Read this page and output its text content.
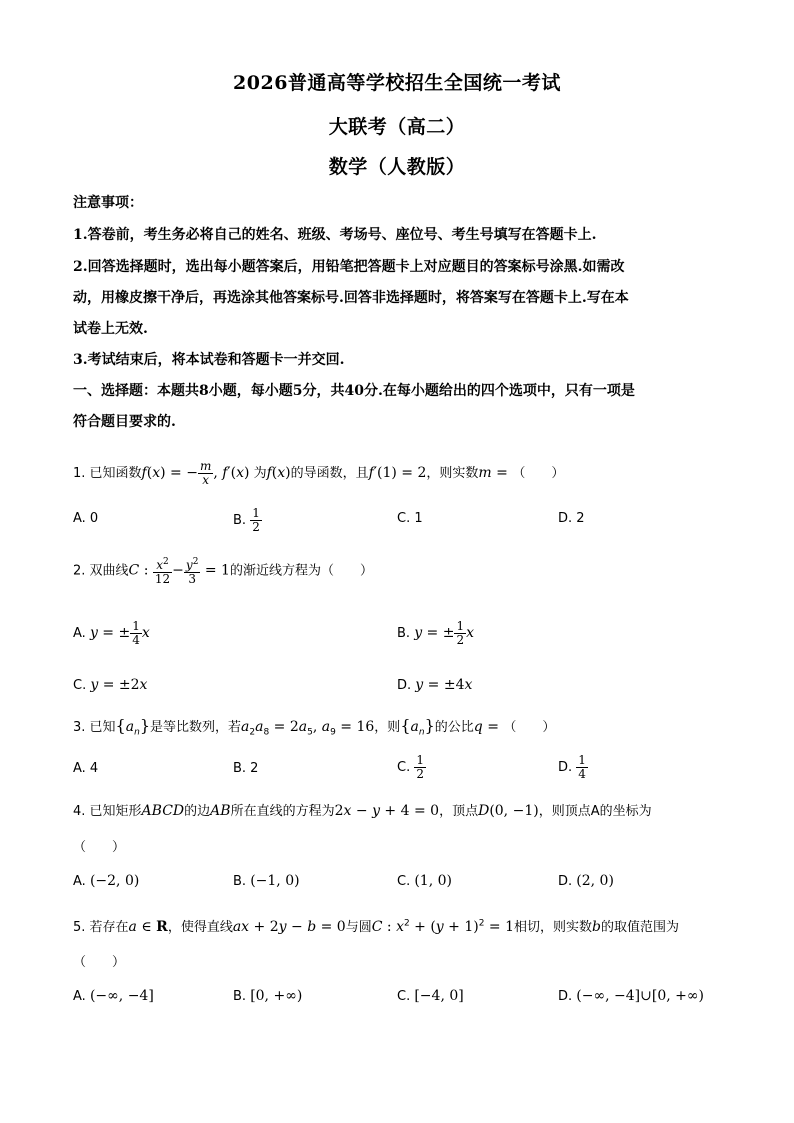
2026普通高等学校招生全国统一考试
大联考（高二）
数学（人教版）
注意事项：
1.答卷前，考生务必将自己的姓名、班级、考场号、座位号、考生号填写在答题卡上.
2.回答选择题时，选出每小题答案后，用铅笔把答题卡上对应题目的答案标号涂黑.如需改
动，用橡皮擦干净后，再选涂其他答案标号.回答非选择题时，将答案写在答题卡上.写在本
试卷上无效.
3.考试结束后，将本试卷和答题卡一并交回.
一、选择题：本题共8小题，每小题5分，共40分.在每小题给出的四个选项中，只有一项是
符合题目要求的.
1. 已知函数f(x) = − $\frac{m}{x}$ , f′(x) 为f(x)的导函数，且f′(1) = 2，则实数m = （　　）
A. 0	B. $\frac{1}{2}$	C. 1	D. 2
2. 双曲线C : $\frac{x^2}{12} - \frac{y^2}{3} = 1$的渐近线方程为（　　）
A. y = ± $\frac{1}{4}$ x	B. y = ± $\frac{1}{2}$ x
C. y = ±2x	D. y = ±4x
3. 已知$\{a_n\}$是等比数列，若$a_2a_8 = 2a_5$, $a_9 = 16$，则$\{a_n\}$的公比q = （　　）
A. 4	B. 2	C. $\frac{1}{2}$	D. $\frac{1}{4}$
4. 已知矩形ABCD的边AB所在直线的方程为2x − y + 4 = 0，顶点D(0, −1)，则顶点A的坐标为
（　　）
A. (−2, 0)	B. (−1, 0)	C. (1, 0)	D. (2, 0)
5. 若存在a ∈ R，使得直线ax + 2y − b = 0与圆C : $x^2 + (y + 1)^2 = 1$相切，则实数b的取值范围为
（　　）
A. (−∞, −4]	B. [0, +∞)	C. [−4, 0]	D. (−∞, −4]∪[0, +∞)
